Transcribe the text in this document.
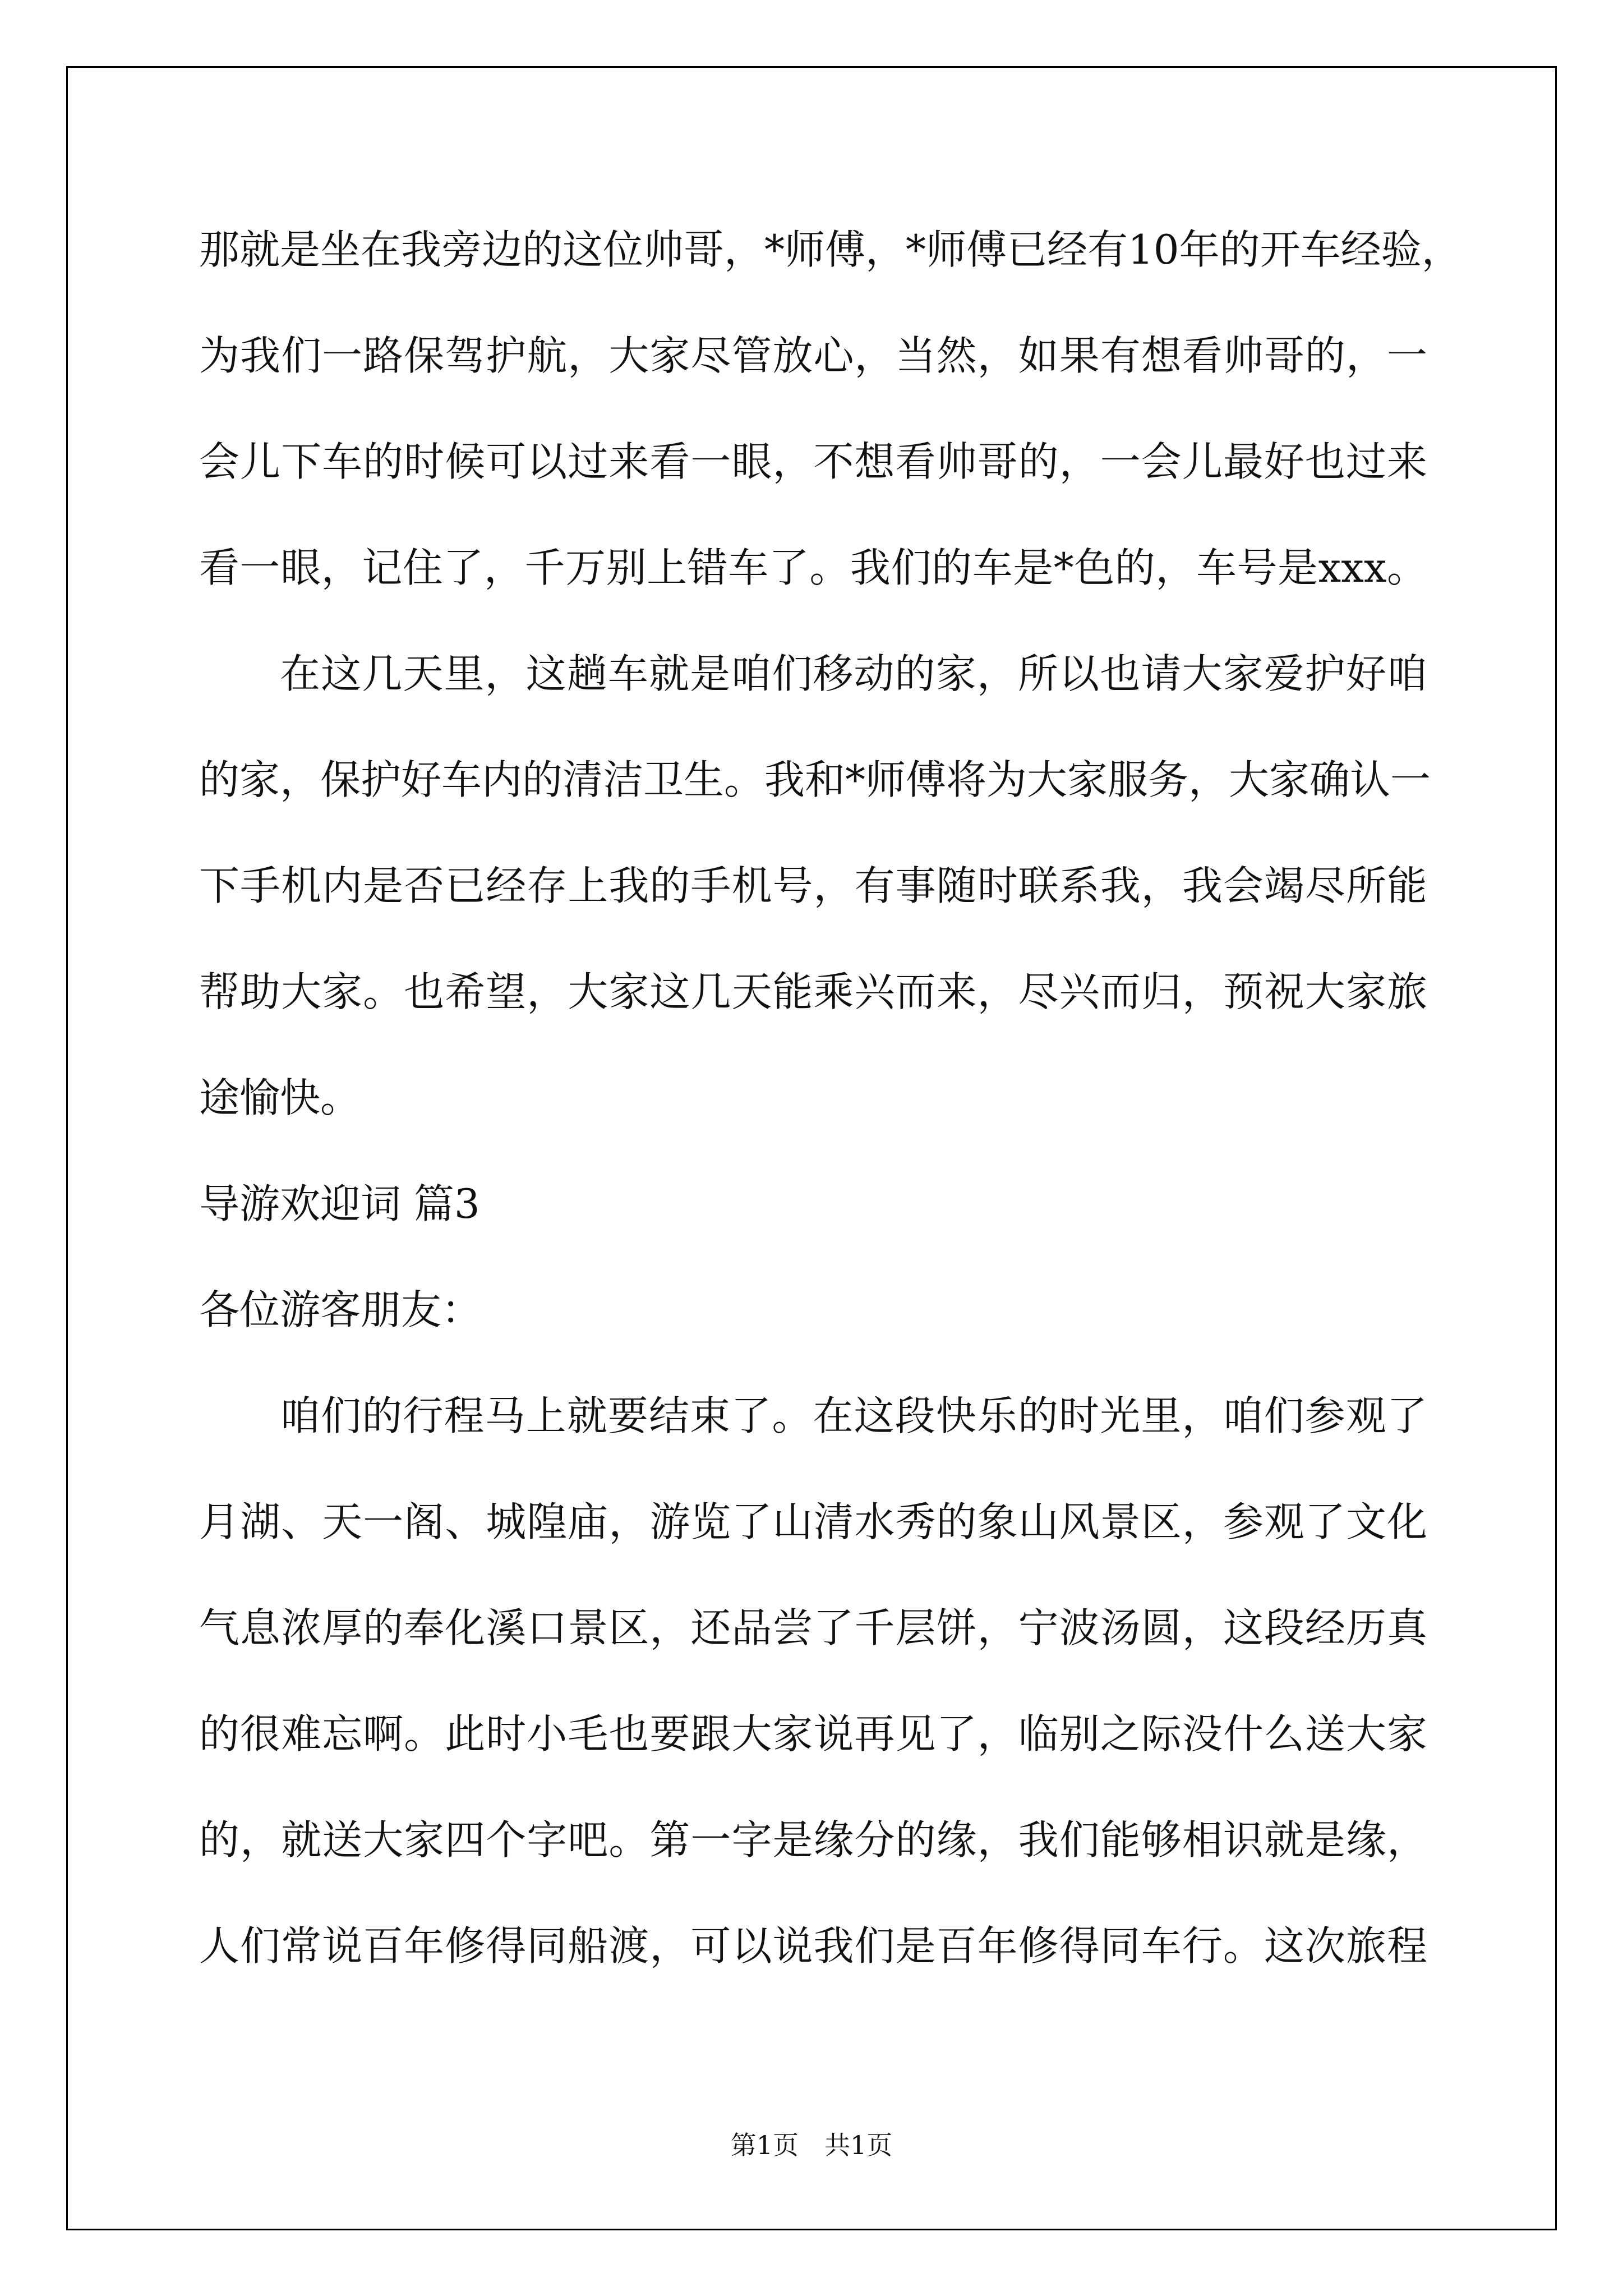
那就是坐在我旁边的这位帅哥，*师傅，*师傅已经有10年的开车经验，
为我们一路保驾护航，大家尽管放心，当然，如果有想看帅哥的，一
会儿下车的时候可以过来看一眼，不想看帅哥的，一会儿最好也过来
看一眼，记住了，千万别上错车了。我们的车是*色的，车号是xxx。
在这几天里，这趟车就是咱们移动的家，所以也请大家爱护好咱
的家，保护好车内的清洁卫生。我和*师傅将为大家服务，大家确认一
下手机内是否已经存上我的手机号，有事随时联系我，我会竭尽所能
帮助大家。也希望，大家这几天能乘兴而来，尽兴而归，预祝大家旅
途愉快。
导游欢迎词 篇3
各位游客朋友：
咱们的行程马上就要结束了。在这段快乐的时光里，咱们参观了
月湖、天一阁、城隍庙，游览了山清水秀的象山风景区，参观了文化
气息浓厚的奉化溪口景区，还品尝了千层饼，宁波汤圆，这段经历真
的很难忘啊。此时小毛也要跟大家说再见了，临别之际没什么送大家
的，就送大家四个字吧。第一字是缘分的缘，我们能够相识就是缘，
人们常说百年修得同船渡，可以说我们是百年修得同车行。这次旅程
第1页　共1页
